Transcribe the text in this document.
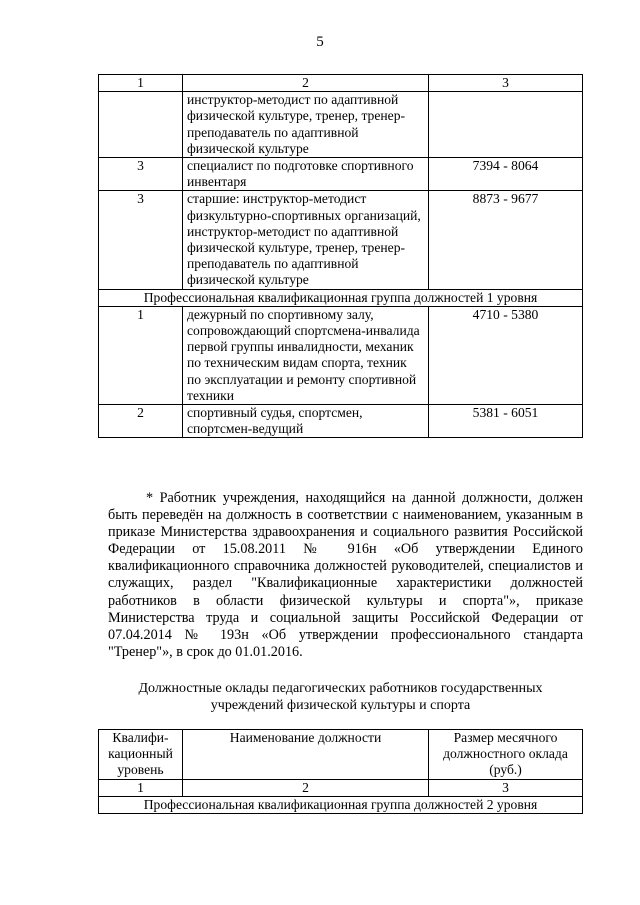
5
1	2	3
	инструктор-методист по адаптивной физической культуре, тренер, тренер-преподаватель по адаптивной физической культуре	
3	специалист по подготовке спортивного инвентаря	7394 - 8064
3	старшие: инструктор-методист физкультурно-спортивных организаций, инструктор-методист по адаптивной физической культуре, тренер, тренер-преподаватель по адаптивной физической культуре	8873 - 9677
Профессиональная квалификационная группа должностей 1 уровня		
1	дежурный по спортивному залу, сопровождающий спортсмена-инвалида первой группы инвалидности, механик по техническим видам спорта, техник по эксплуатации и ремонту спортивной техники	4710 - 5380
2	спортивный судья, спортсмен, спортсмен-ведущий	5381 - 6051

* Работник учреждения, находящийся на данной должности, должен быть переведён на должность в соответствии с наименованием, указанным в приказе Министерства здравоохранения и социального развития Российской Федерации от 15.08.2011 № 916н «Об утверждении Единого квалификационного справочника должностей руководителей, специалистов и служащих, раздел "Квалификационные характеристики должностей работников в области физической культуры и спорта"», приказе Министерства труда и социальной защиты Российской Федерации от 07.04.2014 № 193н «Об утверждении профессионального стандарта "Тренер"», в срок до 01.01.2016.

Должностные оклады педагогических работников государственных
учреждений физической культуры и спорта
Квалифи-кационный уровень	Наименование должности	Размер месячного должностного оклада (руб.)
1	2	3
Профессиональная квалификационная группа должностей 2 уровня		
